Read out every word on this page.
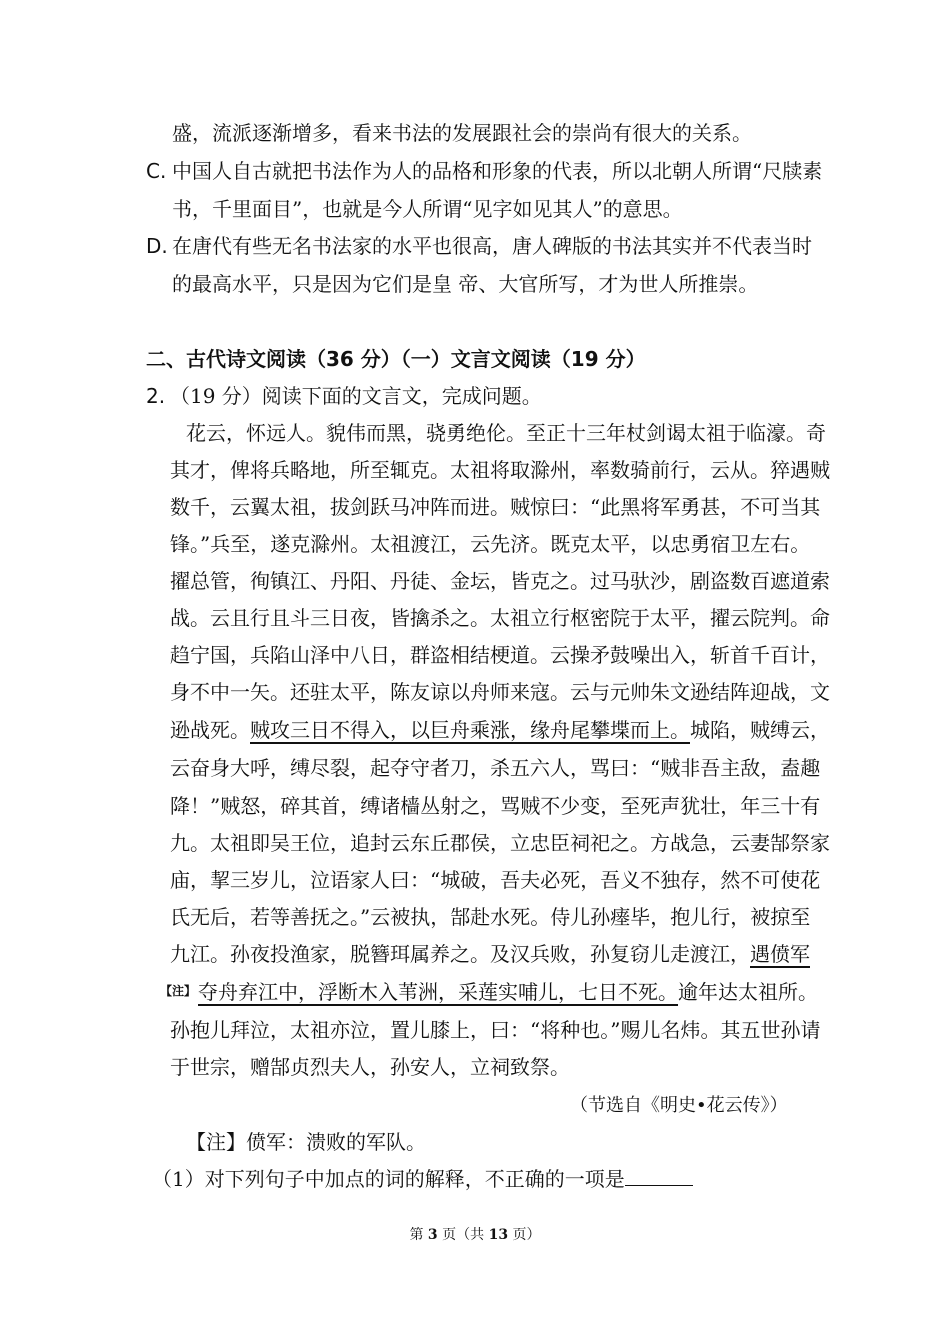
盛，流派逐渐增多，看来书法的发展跟社会的崇尚有很大的关系。
C. 中国人自古就把书法作为人的品格和形象的代表，所以北朝人所谓“尺牍素
书，千里面目”，也就是今人所谓“见字如见其人”的意思。
D. 在唐代有些无名书法家的水平也很高，唐人碑版的书法其实并不代表当时
的最高水平，只是因为它们是皇 帝、大官所写，才为世人所推崇。
二、古代诗文阅读（36 分）（一）文言文阅读（19 分）
2. （19 分）阅读下面的文言文，完成问题。
花云，怀远人。貌伟而黑，骁勇绝伦。至正十三年杖剑谒太祖于临濠。奇
其才，俾将兵略地，所至辄克。太祖将取滁州，率数骑前行，云从。猝遇贼
数千，云翼太祖，拔剑跃马冲阵而进。贼惊曰：“此黑将军勇甚，不可当其
锋。”兵至，遂克滁州。太祖渡江，云先济。既克太平，以忠勇宿卫左右。
擢总管，徇镇江、丹阳、丹徒、金坛，皆克之。过马驮沙，剧盗数百遮道索
战。云且行且斗三日夜，皆擒杀之。太祖立行枢密院于太平，擢云院判。命
趋宁国，兵陷山泽中八日，群盗相结梗道。云操矛鼓噪出入，斩首千百计，
身不中一矢。还驻太平，陈友谅以舟师来寇。云与元帅朱文逊结阵迎战，文
逊战死。贼攻三日不得入，以巨舟乘涨，缘舟尾攀堞而上。城陷，贼缚云，
云奋身大呼，缚尽裂，起夺守者刀，杀五六人，骂曰：“贼非吾主敌，盍趣
降！”贼怒，碎其首，缚诸樯丛射之，骂贼不少变，至死声犹壮，年三十有
九。太祖即吴王位，追封云东丘郡侯，立忠臣祠祀之。方战急，云妻郜祭家
庙，挈三岁儿，泣语家人曰：“城破，吾夫必死，吾义不独存，然不可使花
氏无后，若等善抚之。”云被执，郜赴水死。侍儿孙瘗毕，抱儿行，被掠至
九江。孙夜投渔家，脱簪珥属养之。及汉兵败，孙复窃儿走渡江，遇偾军
$^{【注】}$ 夺舟弃江中，浮断木入苇洲，采莲实哺儿，七日不死。逾年达太祖所。
孙抱儿拜泣，太祖亦泣，置儿膝上，曰：“将种也。”赐儿名炜。其五世孙请
于世宗，赠郜贞烈夫人，孙安人，立祠致祭。
（节选自《明史•花云传》）
【注】偾军：溃败的军队。
（1）对下列句子中加点的词的解释，不正确的一项是
第 3 页（共 13 页）
